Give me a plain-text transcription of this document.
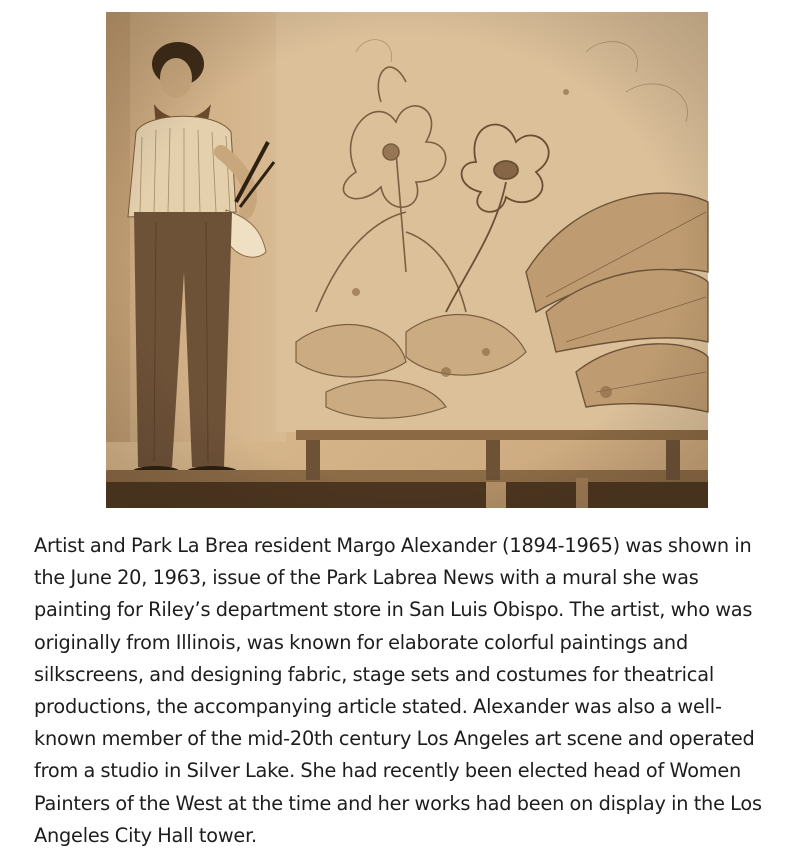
Artist and Park La Brea resident Margo Alexander (1894-1965) was shown in the June 20, 1963, issue of the Park Labrea News with a mural she was painting for Riley’s department store in San Luis Obispo. The artist, who was originally from Illinois, was known for elaborate colorful paintings and silkscreens, and designing fabric, stage sets and costumes for theatrical productions, the accompanying article stated. Alexander was also a well-known member of the mid-20th century Los Angeles art scene and operated from a studio in Silver Lake. She had recently been elected head of Women Painters of the West at the time and her works had been on display in the Los Angeles City Hall tower.
